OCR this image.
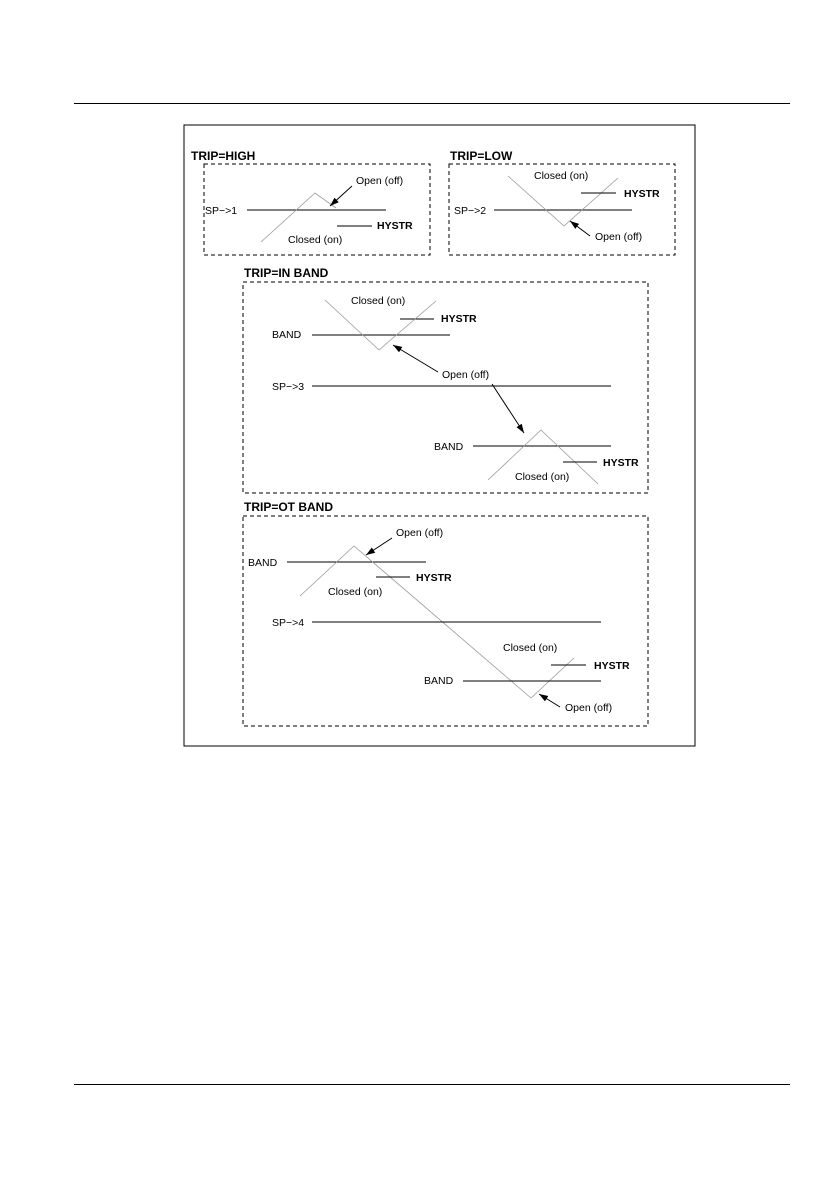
TRIP=HIGH
SP−>1
HYSTR
Open (off)
Closed (on)
TRIP=LOW
SP−>2
Closed (on)
HYSTR
Open (off)
TRIP=IN BAND
Closed (on)
HYSTR
BAND
Open (off)
SP−>3
BAND
HYSTR
Closed (on)
TRIP=OT BAND
Open (off)
BAND
HYSTR
Closed (on)
SP−>4
Closed (on)
HYSTR
BAND
Open (off)
